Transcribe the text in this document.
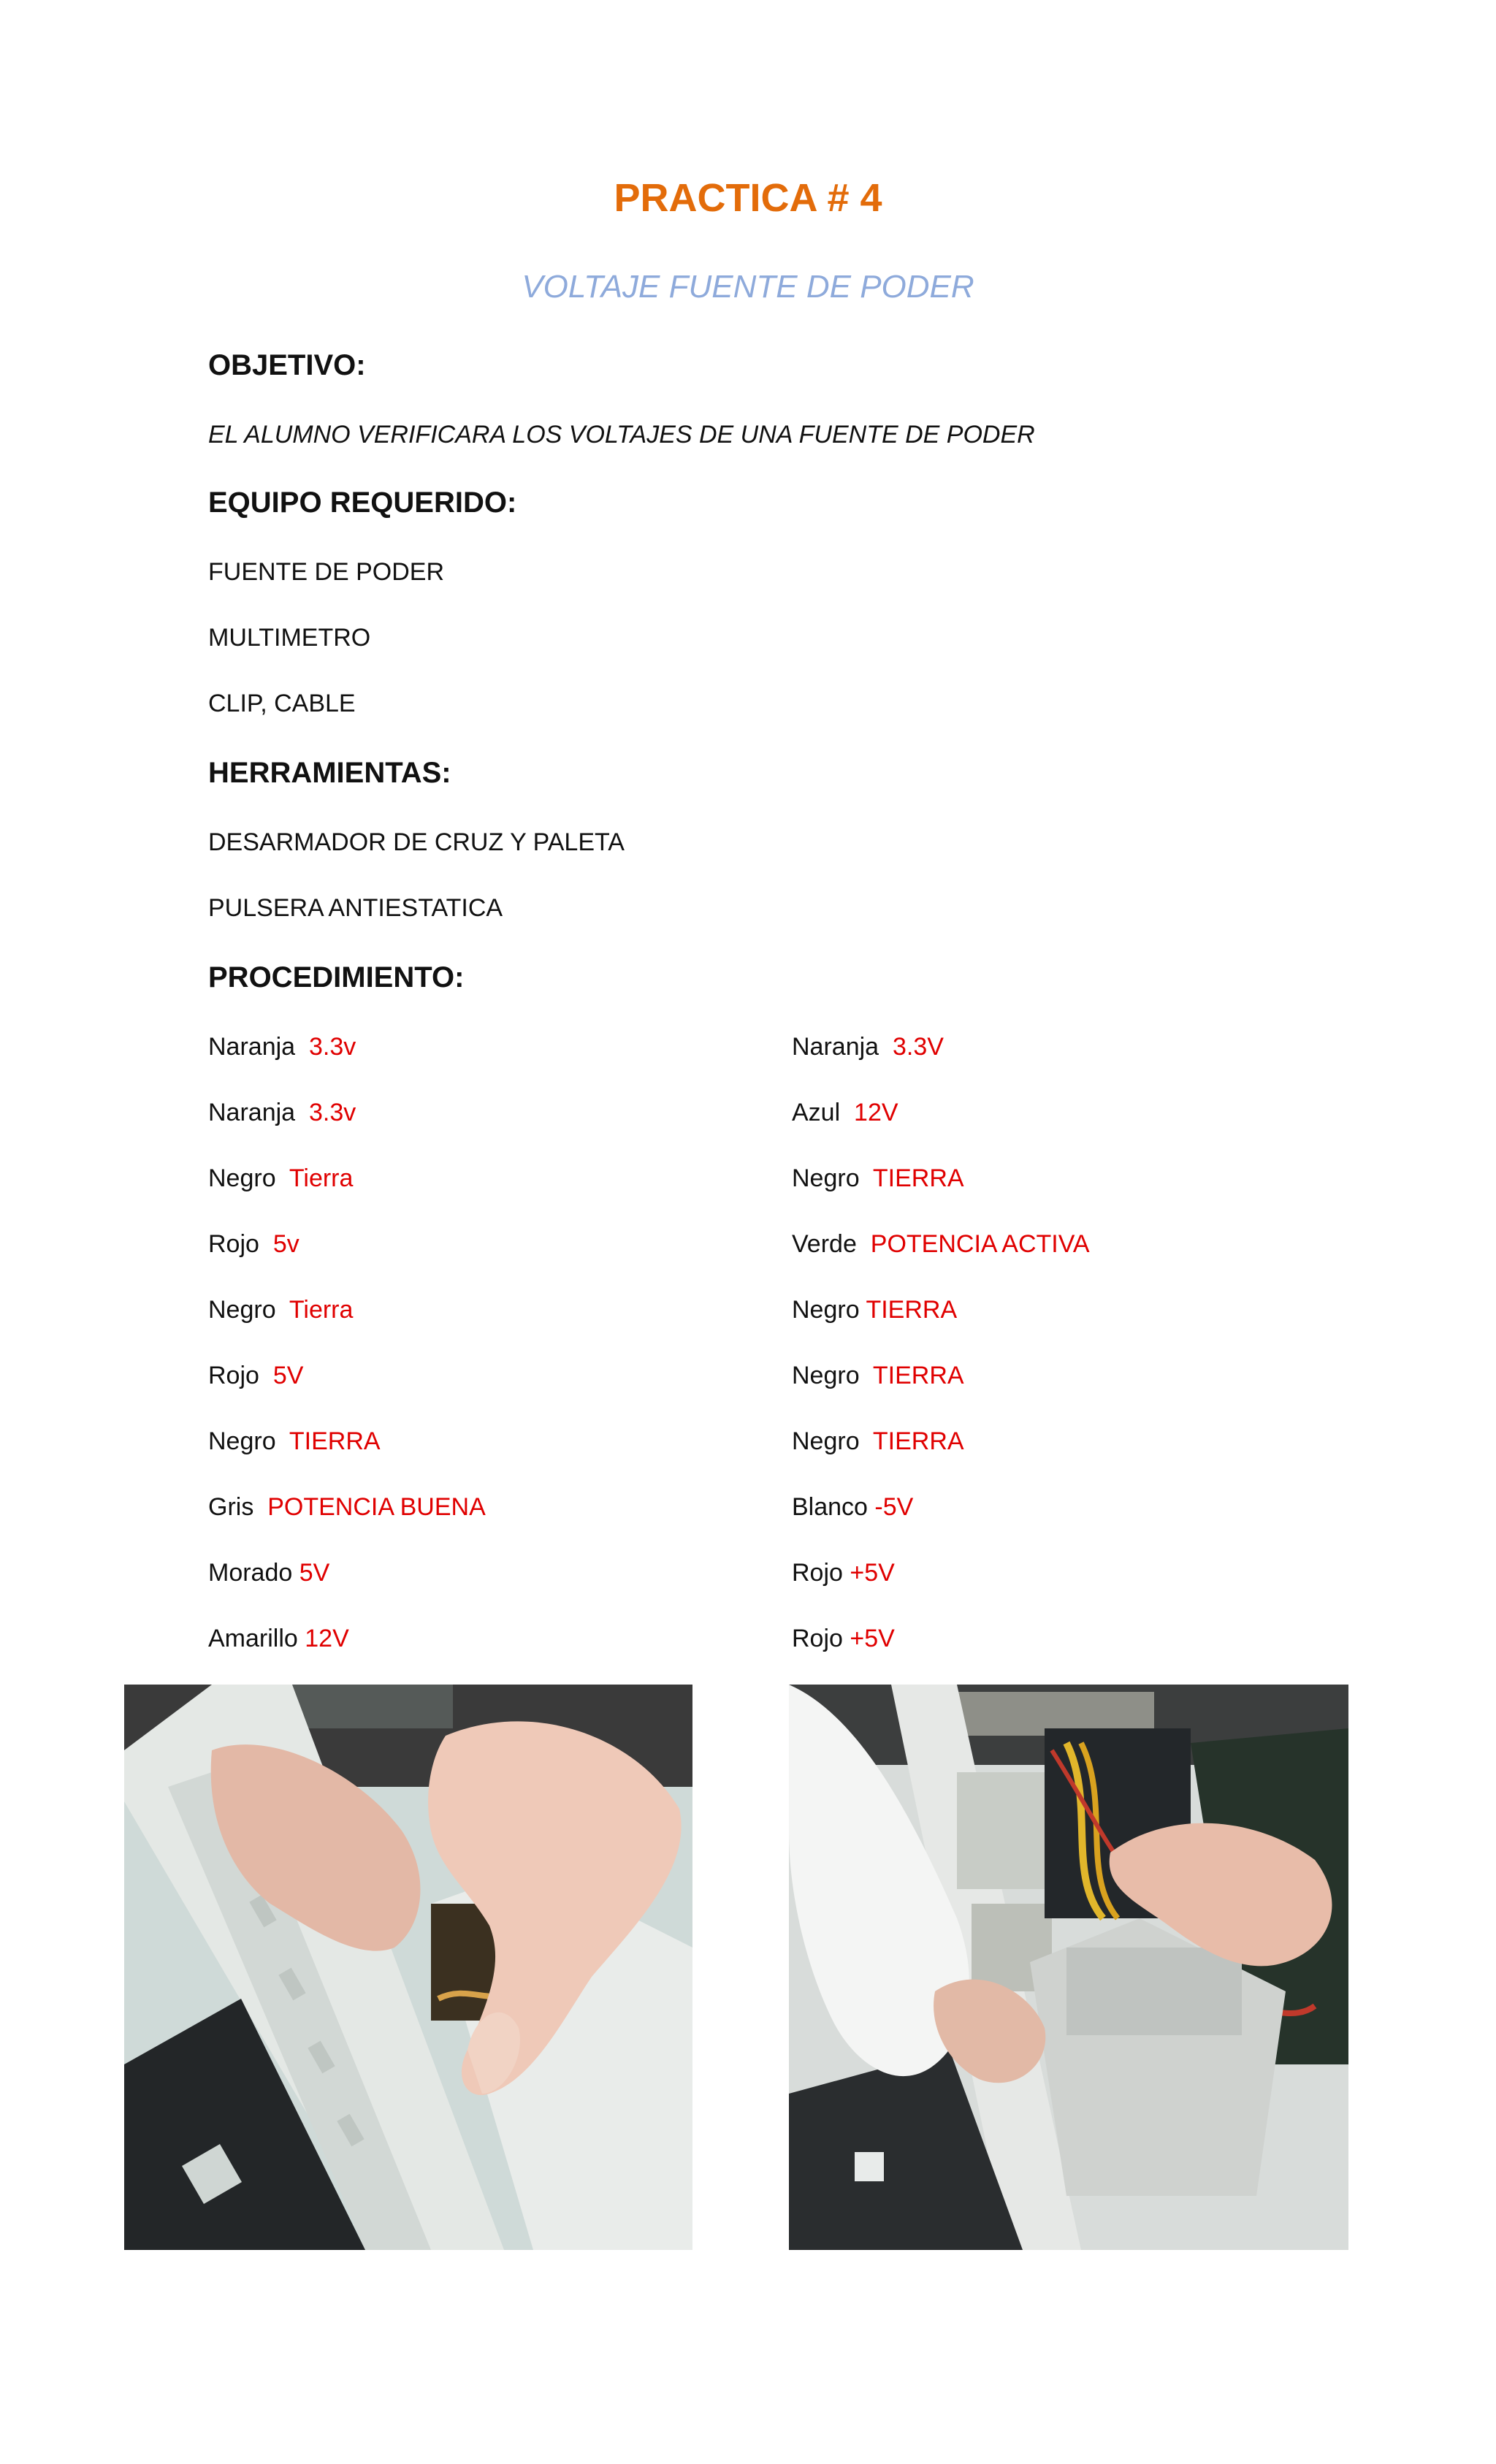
PRACTICA # 4
VOLTAJE FUENTE DE PODER
OBJETIVO:
EL ALUMNO VERIFICARA LOS VOLTAJES DE UNA FUENTE DE PODER
EQUIPO REQUERIDO:
FUENTE DE PODER
MULTIMETRO
CLIP, CABLE
HERRAMIENTAS:
DESARMADOR DE CRUZ Y PALETA
PULSERA ANTIESTATICA
PROCEDIMIENTO:
Naranja 3.3v
Naranja 3.3v
Negro Tierra
Rojo 5v
Negro Tierra
Rojo 5V
Negro TIERRA
Gris POTENCIA BUENA
Morado 5V
Amarillo 12V
Naranja 3.3V
Azul 12V
Negro TIERRA
Verde POTENCIA ACTIVA
Negro TIERRA
Negro TIERRA
Negro TIERRA
Blanco -5V
Rojo +5V
Rojo +5V
